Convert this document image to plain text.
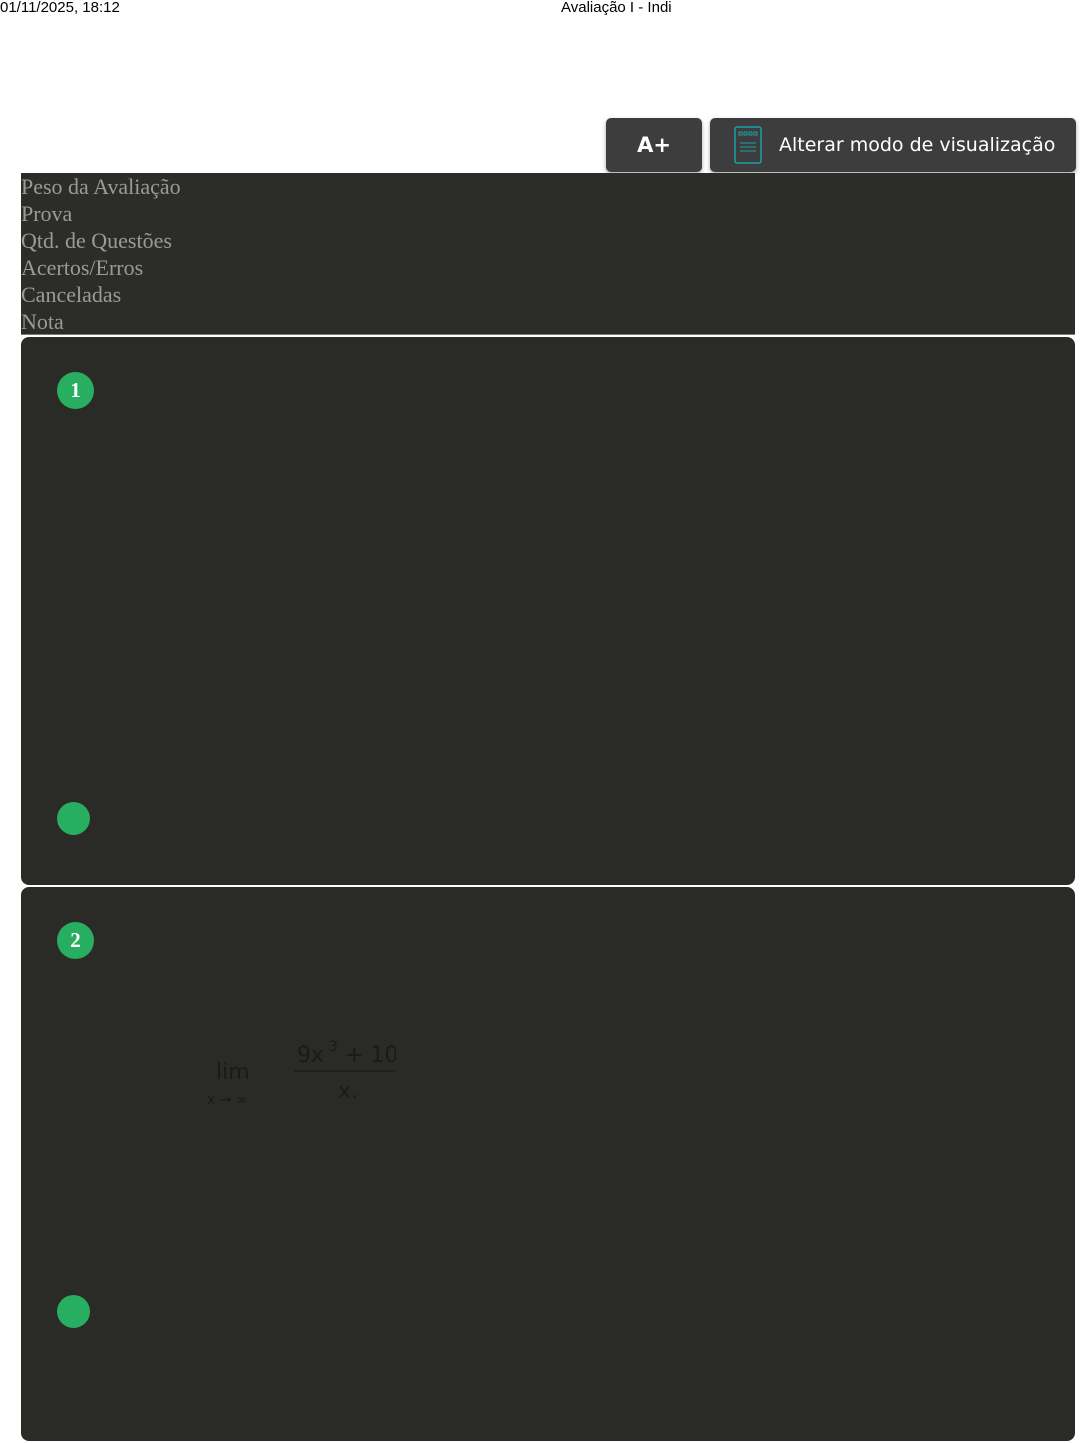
01/11/2025, 18:12	Avaliação I - Indi
A+	Alterar modo de visualização
Peso da Avaliação
Prova
Qtd. de Questões
Acertos/Erros
Canceladas
Nota
1
2
lim
x → ∞
9x 3 + 10
x.
